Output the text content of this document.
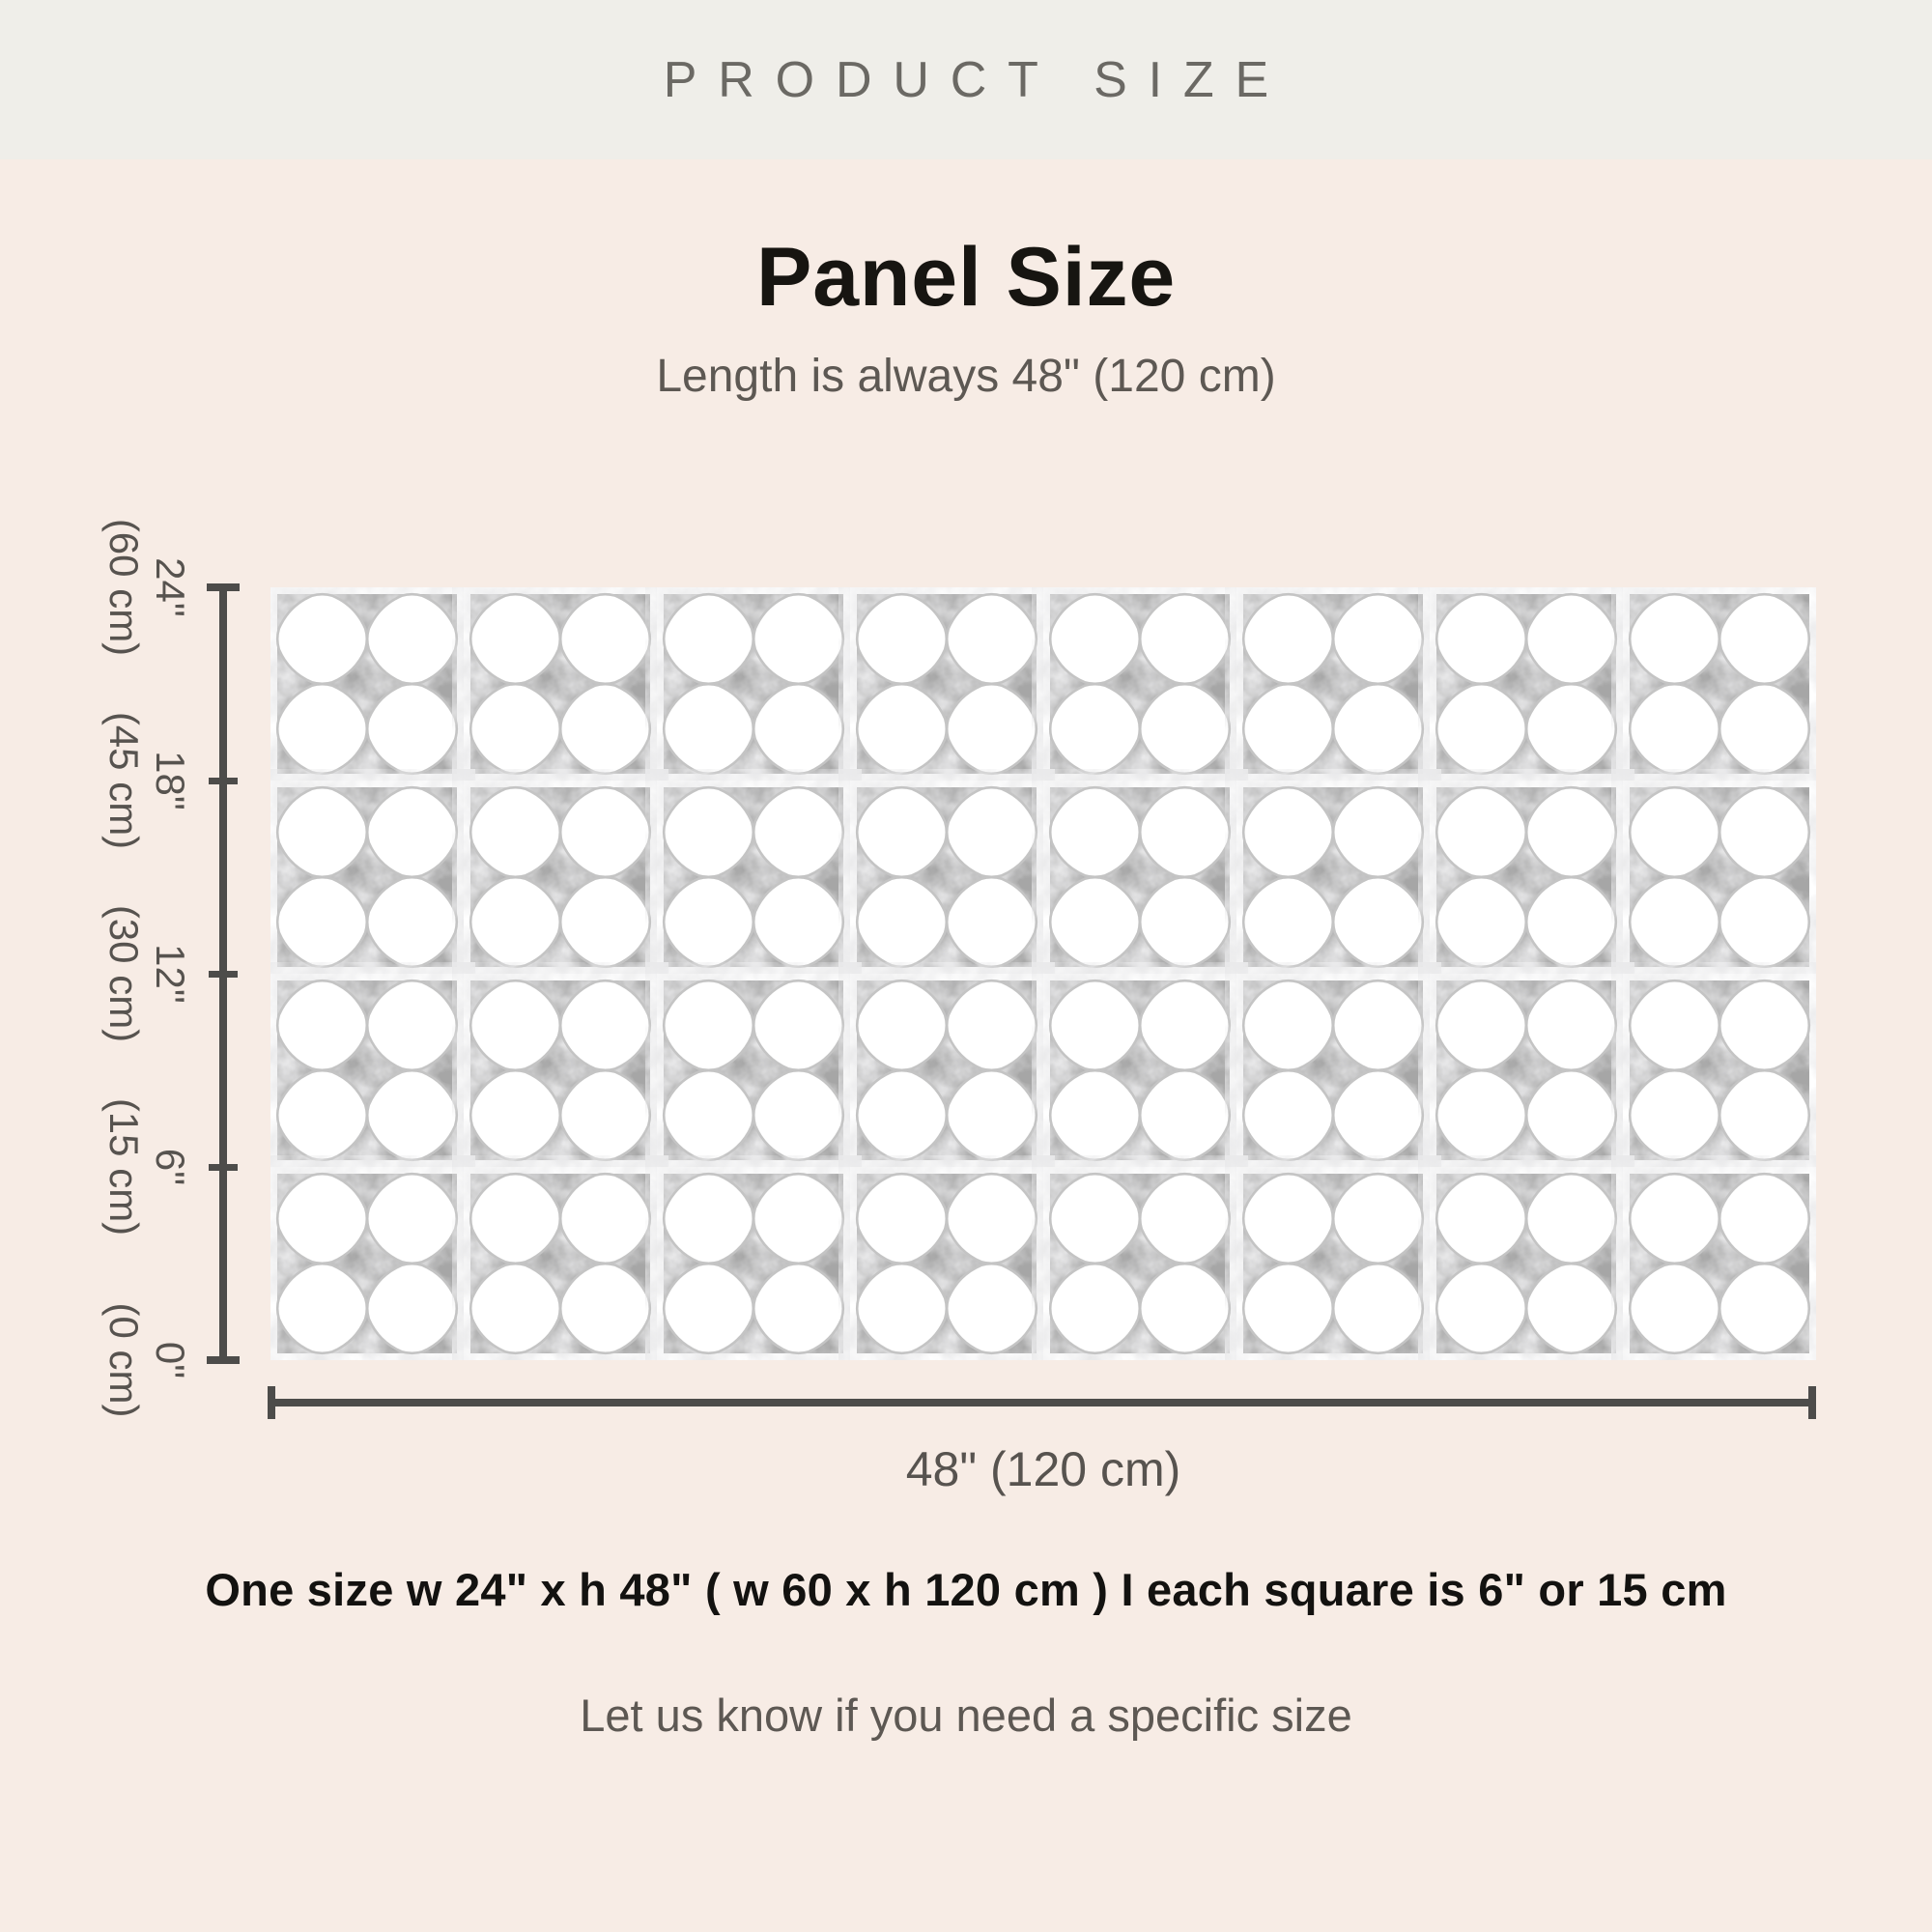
PRODUCT SIZE
Panel Size
Length is always 48" (120 cm)
24"
(60 cm)
18"
(45 cm)
12"
(30 cm)
6"
(15 cm)
0"
(0 cm)
48" (120 cm)
One size w 24" x h 48" ( w 60 x h 120 cm ) I each square is 6" or 15 cm
Let us know if you need a specific size
